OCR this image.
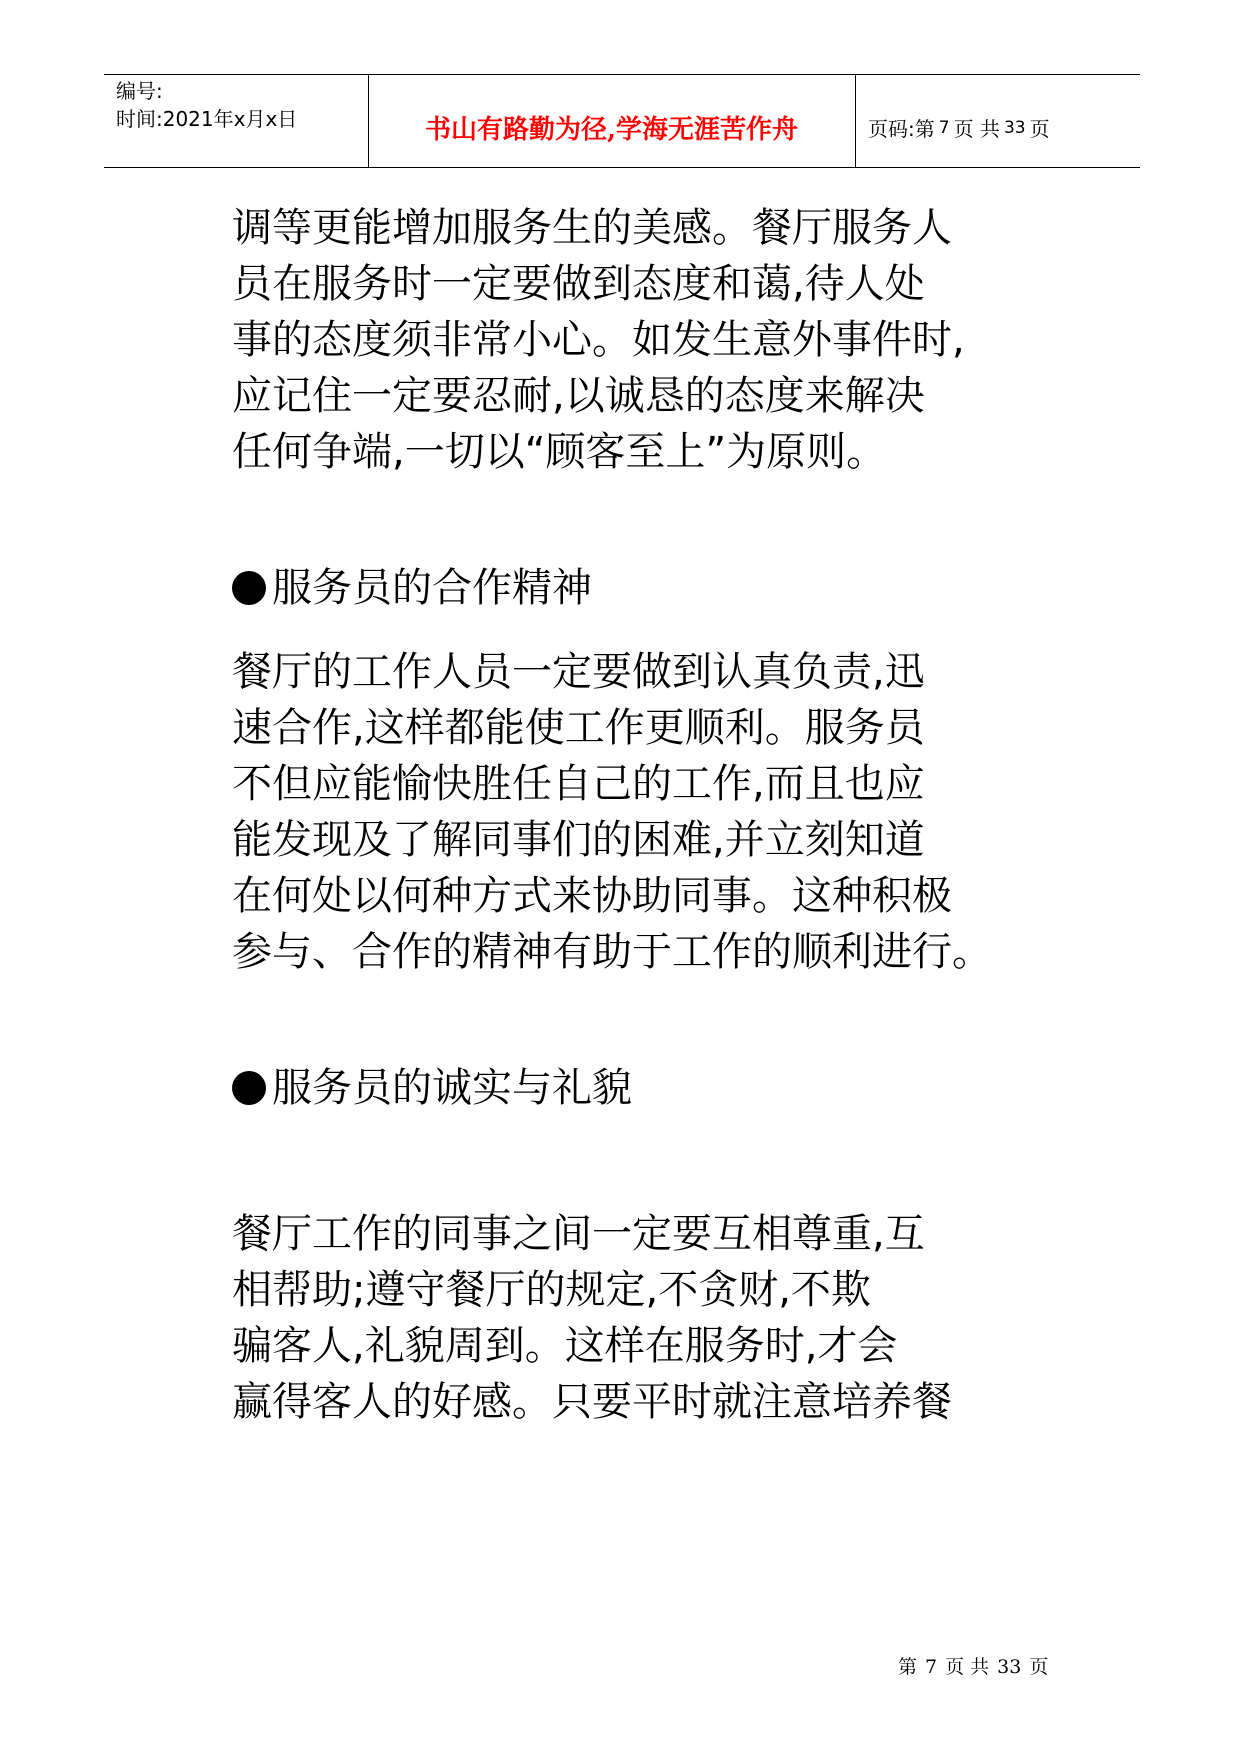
编号:
时间:2021年x月x日	书山有路勤为径,学海无涯苦作舟	页码:第 7 页 共 33 页

调等更能增加服务生的美感。餐厅服务人
员在服务时一定要做到态度和蔼,待人处
事的态度须非常小心。如发生意外事件时,
应记住一定要忍耐,以诚恳的态度来解决
任何争端,一切以“顾客至上”为原则。

服务员的合作精神

餐厅的工作人员一定要做到认真负责,迅
速合作,这样都能使工作更顺利。服务员
不但应能愉快胜任自己的工作,而且也应
能发现及了解同事们的困难,并立刻知道
在何处以何种方式来协助同事。这种积极
参与、合作的精神有助于工作的顺利进行。

服务员的诚实与礼貌

餐厅工作的同事之间一定要互相尊重,互
相帮助;遵守餐厅的规定,不贪财,不欺
骗客人,礼貌周到。这样在服务时,才会
赢得客人的好感。只要平时就注意培养餐

第 7 页 共 33 页
